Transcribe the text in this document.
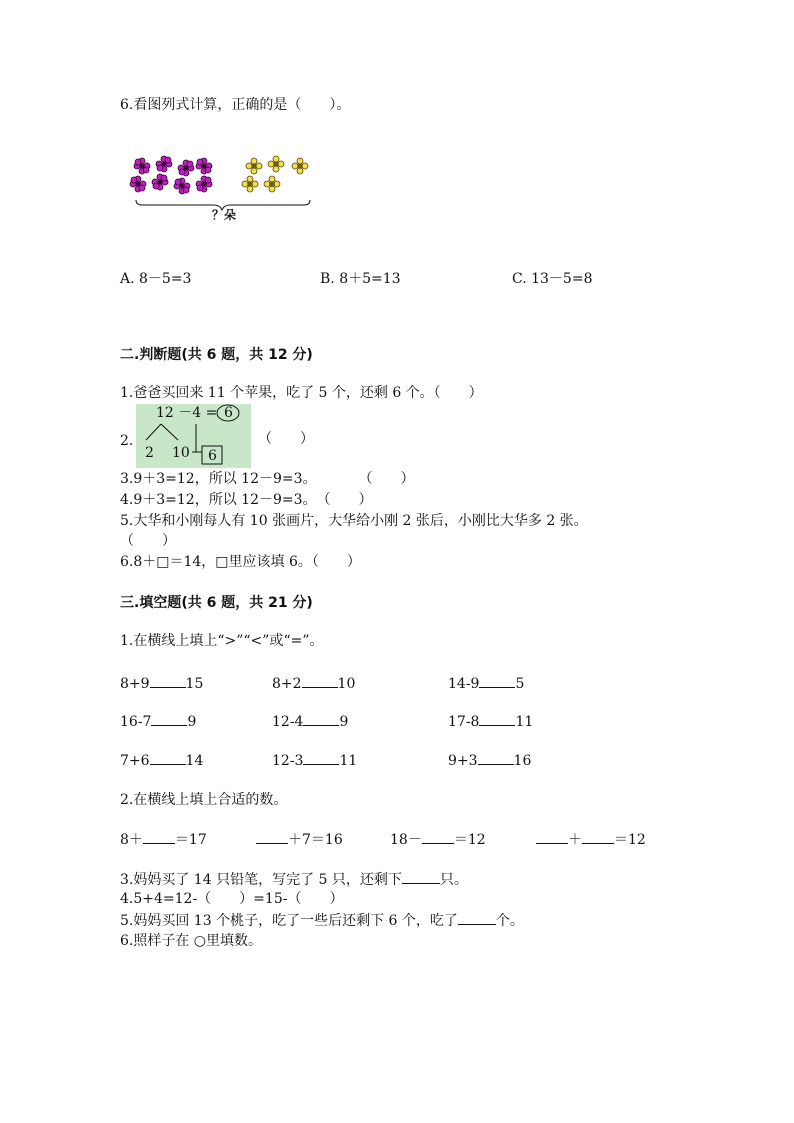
6.看图列式计算，正确的是（　　）。
？朵
A. 8－5=3	B. 8＋5=13	C. 13－5=8
二.判断题(共 6 题，共 12 分)
1.爸爸买回来 11 个苹果，吃了 5 个，还剩 6 个。（　　）
2.
12 －4 = 6
2 10 6
（　　）
3.9＋3=12，所以 12－9=3。　　　　（　　）
4.9＋3=12，所以 12－9=3。　（　　）
5.大华和小刚每人有 10 张画片，大华给小刚 2 张后，小刚比大华多 2 张。
（　　）
6.8＋□＝14，□里应该填 6。（　　）
三.填空题(共 6 题，共 21 分)
1.在横线上填上“>”“<”或“=”。
8+9	15	8+2	10	14-9	5
16-7	9	12-4	9	17-8	11
7+6	14	12-3	11	9+3	16
2.在横线上填上合适的数。
8＋ ＝17	＋7＝16	18－ ＝12	＋ ＝12
3.妈妈买了 14 只铅笔，写完了 5 只，还剩下	只。
4.5+4=12-（　　）=15-（　　）
5.妈妈买回 13 个桃子，吃了一些后还剩下 6 个，吃了	个。
6.照样子在 ○里填数。
